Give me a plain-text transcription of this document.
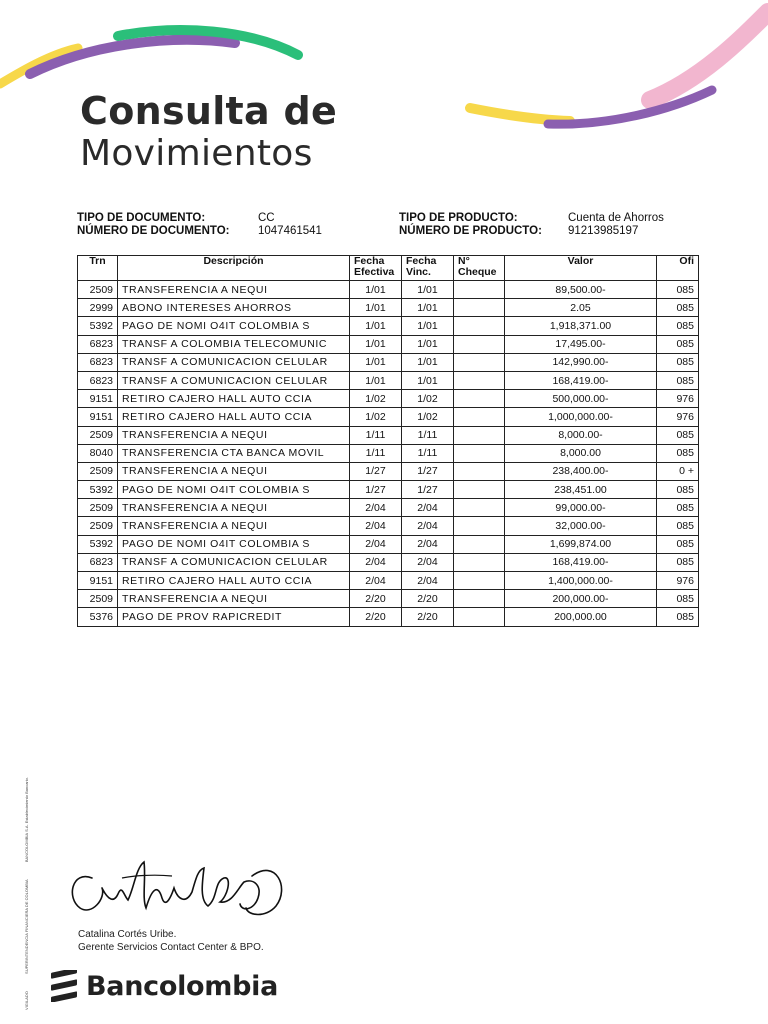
Consulta de
Movimientos
TIPO DE DOCUMENTO:	CC
NÚMERO DE DOCUMENTO: 1047461541
TIPO DE PRODUCTO:	Cuenta de Ahorros
NÚMERO DE PRODUCTO: 91213985197
Trn	Descripción	Fecha Efectiva	Fecha Vinc.	N° Cheque	Valor	Ofi
2509	TRANSFERENCIA A NEQUI	1/01	1/01		89,500.00-	085
2999	ABONO INTERESES AHORROS	1/01	1/01		2.05	085
5392	PAGO DE NOMI O4IT COLOMBIA S	1/01	1/01		1,918,371.00	085
6823	TRANSF A COLOMBIA TELECOMUNIC	1/01	1/01		17,495.00-	085
6823	TRANSF A COMUNICACION CELULAR	1/01	1/01		142,990.00-	085
6823	TRANSF A COMUNICACION CELULAR	1/01	1/01		168,419.00-	085
9151	RETIRO CAJERO HALL AUTO CCIA	1/02	1/02		500,000.00-	976
9151	RETIRO CAJERO HALL AUTO CCIA	1/02	1/02		1,000,000.00-	976
2509	TRANSFERENCIA A NEQUI	1/11	1/11		8,000.00-	085
8040	TRANSFERENCIA CTA BANCA MOVIL	1/11	1/11		8,000.00	085
2509	TRANSFERENCIA A NEQUI	1/27	1/27		238,400.00-	0 +
5392	PAGO DE NOMI O4IT COLOMBIA S	1/27	1/27		238,451.00	085
2509	TRANSFERENCIA A NEQUI	2/04	2/04		99,000.00-	085
2509	TRANSFERENCIA A NEQUI	2/04	2/04		32,000.00-	085
5392	PAGO DE NOMI O4IT COLOMBIA S	2/04	2/04		1,699,874.00	085
6823	TRANSF A COMUNICACION CELULAR	2/04	2/04		168,419.00-	085
9151	RETIRO CAJERO HALL AUTO CCIA	2/04	2/04		1,400,000.00-	976
2509	TRANSFERENCIA A NEQUI	2/20	2/20		200,000.00-	085
5376	PAGO DE PROV RAPICREDIT	2/20	2/20		200,000.00	085
Catalina Cortés Uribe.
Gerente Servicios Contact Center & BPO.
Bancolombia
VIGILADO SUPERINTENDENCIA FINANCIERA DE COLOMBIA BANCOLOMBIA S.A. Establecimiento Bancario.
